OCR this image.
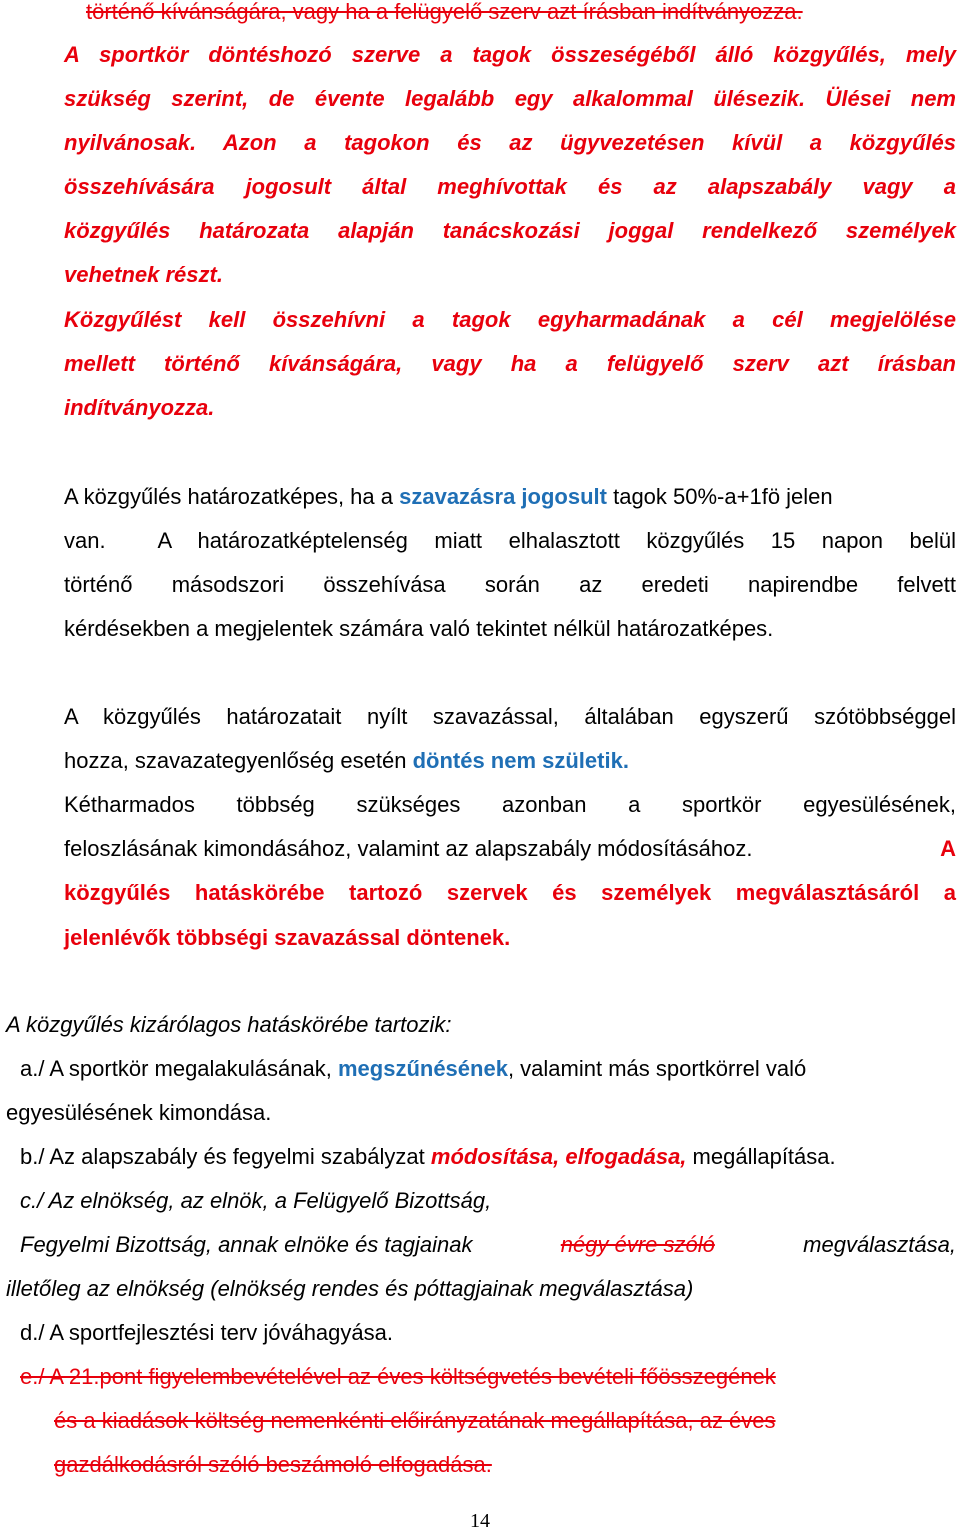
történő kívánságára, vagy ha a felügyelő szerv azt írásban indítványozza.
A sportkör döntéshozó szerve a tagok összeségéből álló közgyűlés, mely
szükség szerint, de évente legalább egy alkalommal ülésezik. Ülései nem
nyilvánosak. Azon a tagokon és az ügyvezetésen kívül a közgyűlés
összehívására jogosult által meghívottak és az alapszabály vagy a
közgyűlés határozata alapján tanácskozási joggal rendelkező személyek
vehetnek részt.
Közgyűlést kell összehívni a tagok egyharmadának a cél megjelölése
mellett történő kívánságára, vagy ha a felügyelő szerv azt írásban
indítványozza.
A közgyűlés határozatképes, ha a szavazásra jogosult tagok 50%-a+1fö jelen
van.  A határozatképtelenség miatt elhalasztott közgyűlés 15 napon belül
történő másodszori összehívása során az eredeti napirendbe felvett
kérdésekben a megjelentek számára való tekintet nélkül határozatképes.
A közgyűlés határozatait nyílt szavazással, általában egyszerű szótöbbséggel
hozza, szavazategyenlőség esetén döntés nem születik.
Kétharmados többség szükséges azonban a sportkör egyesülésének,
feloszlásának kimondásához, valamint az alapszabály módosításához.	A
közgyűlés hatáskörébe tartozó szervek és személyek megválasztásáról a
jelenlévők többségi szavazással döntenek.
A közgyűlés kizárólagos hatáskörébe tartozik:
a./ A sportkör megalakulásának, megszűnésének, valamint más sportkörrel való
egyesülésének kimondása.
b./ Az alapszabály és fegyelmi szabályzat módosítása, elfogadása, megállapítása.
c./ Az elnökség, az elnök, a Felügyelő Bizottság,
Fegyelmi Bizottság, annak elnöke és tagjainak	négy évre szóló	megválasztása,
illetőleg az elnökség (elnökség rendes és póttagjainak megválasztása)
d./ A sportfejlesztési terv jóváhagyása.
e./ A 21.pont figyelembevételével az éves költségvetés bevételi főösszegének
és a kiadások költség nemenkénti előirányzatának megállapítása, az éves
gazdálkodásról szóló beszámoló elfogadása.
14
